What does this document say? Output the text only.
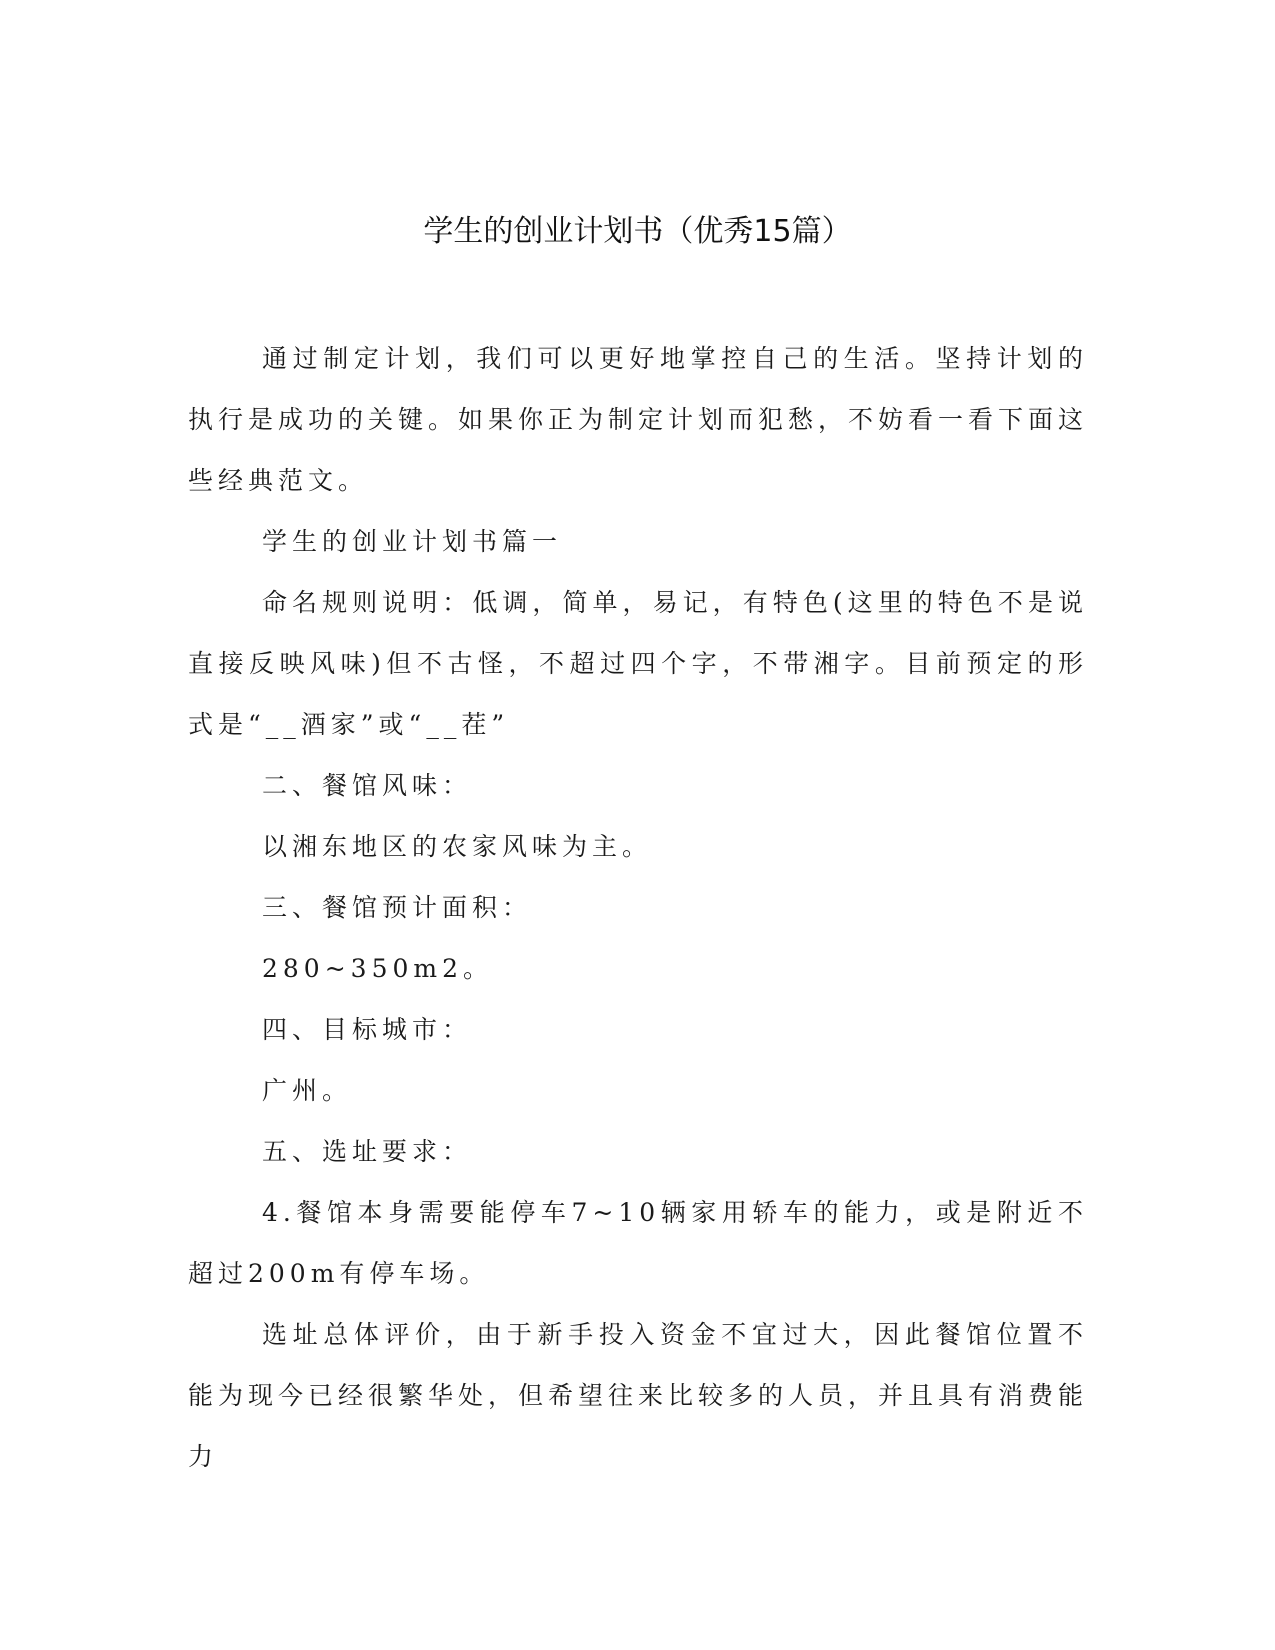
学生的创业计划书（优秀15篇）

通过制定计划，我们可以更好地掌控自己的生活。坚持计划的执行是成功的关键。如果你正为制定计划而犯愁，不妨看一看下面这些经典范文。

学生的创业计划书篇一

命名规则说明：低调，简单，易记，有特色(这里的特色不是说直接反映风味)但不古怪，不超过四个字，不带湘字。目前预定的形式是“__酒家”或“__茬”

二、餐馆风味：

以湘东地区的农家风味为主。

三、餐馆预计面积：

280~350m2。

四、目标城市：

广州。

五、选址要求：

4.餐馆本身需要能停车7~10辆家用轿车的能力，或是附近不超过200m有停车场。

选址总体评价，由于新手投入资金不宜过大，因此餐馆位置不能为现今已经很繁华处，但希望往来比较多的人员，并且具有消费能力
